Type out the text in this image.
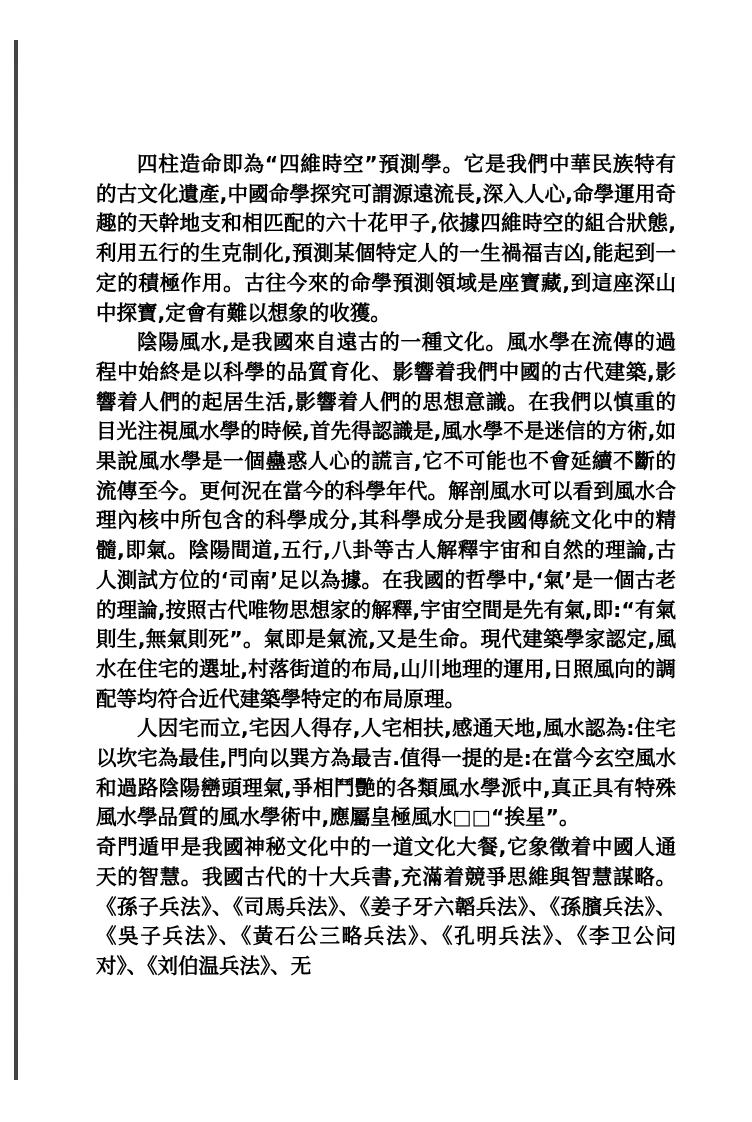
四柱造命即為“四維時空”預測學。它是我們中華民族特有的古文化遺產,中國命學探究可謂源遠流長,深入人心,命學運用奇趣的天幹地支和相匹配的六十花甲子,依據四維時空的組合狀態,利用五行的生克制化,預測某個特定人的一生禍福吉凶,能起到一定的積極作用。古往今來的命學預測領域是座寶藏,到這座深山中探寶,定會有難以想象的收獲。

陰陽風水,是我國來自遠古的一種文化。風水學在流傳的過程中始終是以科學的品質育化、影響着我們中國的古代建築,影響着人們的起居生活,影響着人們的思想意識。在我們以慎重的目光注視風水學的時候,首先得認識是,風水學不是迷信的方術,如果說風水學是一個蠱惑人心的謊言,它不可能也不會延續不斷的流傳至今。更何況在當今的科學年代。解剖風水可以看到風水合理內核中所包含的科學成分,其科學成分是我國傳統文化中的精髓,即氣。陰陽間道,五行,八卦等古人解釋宇宙和自然的理論,古人測試方位的‘司南’足以為據。在我國的哲學中,‘氣’是一個古老的理論,按照古代唯物思想家的解釋,宇宙空間是先有氣,即:“有氣則生,無氣則死”。氣即是氣流,又是生命。現代建築學家認定,風水在住宅的選址,村落街道的布局,山川地理的運用,日照風向的調配等均符合近代建築學特定的布局原理。

人因宅而立,宅因人得存,人宅相扶,感通天地,風水認為:住宅以坎宅為最佳,門向以巽方為最吉.值得一提的是:在當今玄空風水和過路陰陽巒頭理氣,爭相鬥艷的各類風水學派中,真正具有特殊風水學品質的風水學術中,應屬皇極風水□□“挨星”。

奇門遁甲是我國神秘文化中的一道文化大餐,它象徵着中國人通天的智慧。我國古代的十大兵書,充滿着競爭思維與智慧謀略。《孫子兵法》、《司馬兵法》、《姜子牙六韜兵法》、《孫臏兵法》、《吳子兵法》、《黃石公三略兵法》、《孔明兵法》、《李卫公问对》、《刘伯温兵法》、无
